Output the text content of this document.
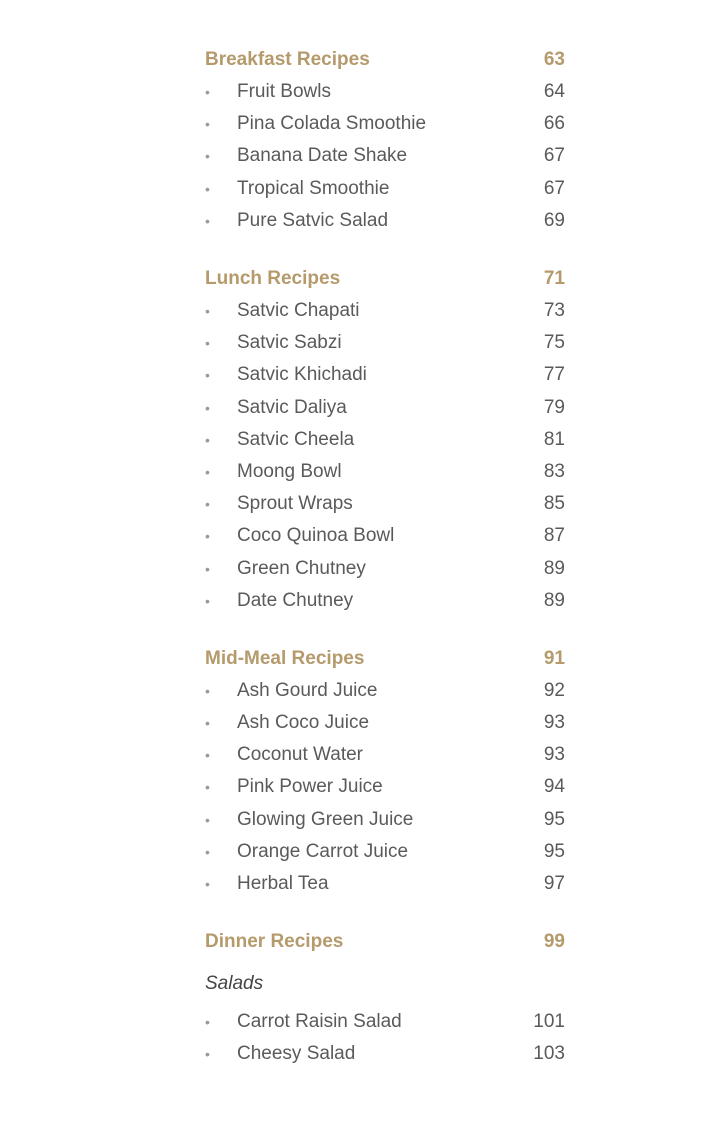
Breakfast Recipes	63
•	Fruit Bowls	64
•	Pina Colada Smoothie	66
•	Banana Date Shake	67
•	Tropical Smoothie	67
•	Pure Satvic Salad	69
Lunch Recipes	71
•	Satvic Chapati	73
•	Satvic Sabzi	75
•	Satvic Khichadi	77
•	Satvic Daliya	79
•	Satvic Cheela	81
•	Moong Bowl	83
•	Sprout Wraps	85
•	Coco Quinoa Bowl	87
•	Green Chutney	89
•	Date Chutney	89
Mid-Meal Recipes	91
•	Ash Gourd Juice	92
•	Ash Coco Juice	93
•	Coconut Water	93
•	Pink Power Juice	94
•	Glowing Green Juice	95
•	Orange Carrot Juice	95
•	Herbal Tea	97
Dinner Recipes	99
Salads
•	Carrot Raisin Salad	101
•	Cheesy Salad	103
